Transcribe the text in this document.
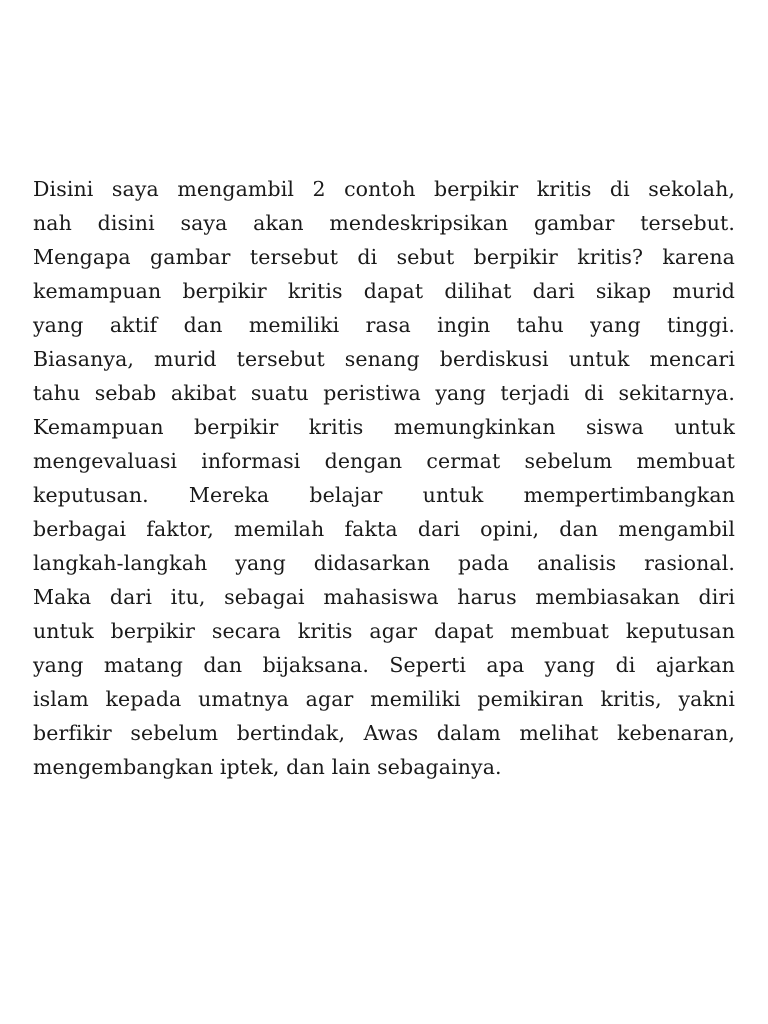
Disini saya mengambil 2 contoh berpikir kritis di sekolah,
nah disini saya akan mendeskripsikan gambar tersebut.
Mengapa gambar tersebut di sebut berpikir kritis? karena
kemampuan berpikir kritis dapat dilihat dari sikap murid
yang aktif dan memiliki rasa ingin tahu yang tinggi.
Biasanya, murid tersebut senang berdiskusi untuk mencari
tahu sebab akibat suatu peristiwa yang terjadi di sekitarnya.
Kemampuan berpikir kritis memungkinkan siswa untuk
mengevaluasi informasi dengan cermat sebelum membuat
keputusan. Mereka belajar untuk mempertimbangkan
berbagai faktor, memilah fakta dari opini, dan mengambil
langkah-langkah yang didasarkan pada analisis rasional.
Maka dari itu, sebagai mahasiswa harus membiasakan diri
untuk berpikir secara kritis agar dapat membuat keputusan
yang matang dan bijaksana. Seperti apa yang di ajarkan
islam kepada umatnya agar memiliki pemikiran kritis, yakni
berfikir sebelum bertindak, Awas dalam melihat kebenaran,
mengembangkan iptek, dan lain sebagainya.
